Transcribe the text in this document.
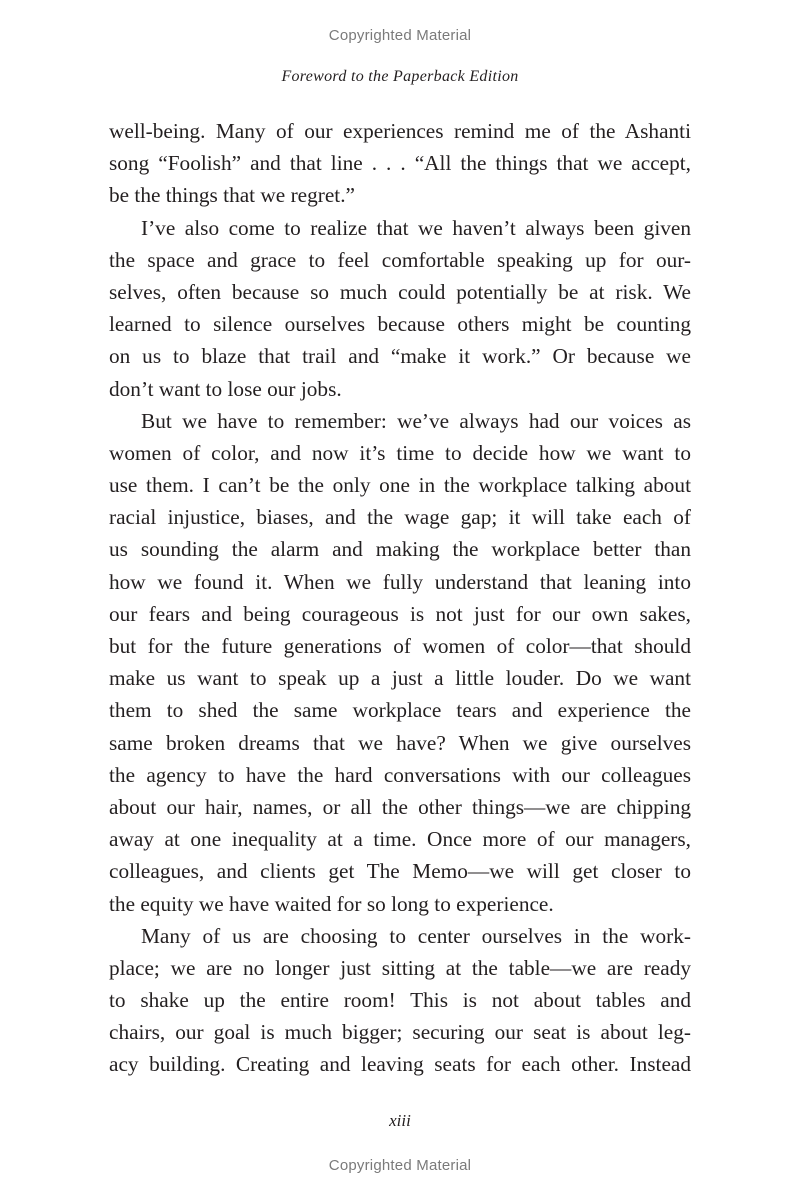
Copyrighted Material
Foreword to the Paperback Edition
well-being. Many of our experiences remind me of the Ashanti
song “Foolish” and that line . . . “All the things that we accept,
be the things that we regret.”
I’ve also come to realize that we haven’t always been given
the space and grace to feel comfortable speaking up for our-
selves, often because so much could potentially be at risk. We
learned to silence ourselves because others might be counting
on us to blaze that trail and “make it work.” Or because we
don’t want to lose our jobs.
But we have to remember: we’ve always had our voices as
women of color, and now it’s time to decide how we want to
use them. I can’t be the only one in the workplace talking about
racial injustice, biases, and the wage gap; it will take each of
us sounding the alarm and making the workplace better than
how we found it. When we fully understand that leaning into
our fears and being courageous is not just for our own sakes,
but for the future generations of women of color—that should
make us want to speak up a just a little louder. Do we want
them to shed the same workplace tears and experience the
same broken dreams that we have? When we give ourselves
the agency to have the hard conversations with our colleagues
about our hair, names, or all the other things—we are chipping
away at one inequality at a time. Once more of our managers,
colleagues, and clients get The Memo—we will get closer to
the equity we have waited for so long to experience.
Many of us are choosing to center ourselves in the work-
place; we are no longer just sitting at the table—we are ready
to shake up the entire room! This is not about tables and
chairs, our goal is much bigger; securing our seat is about leg-
acy building. Creating and leaving seats for each other. Instead
xiii
Copyrighted Material
